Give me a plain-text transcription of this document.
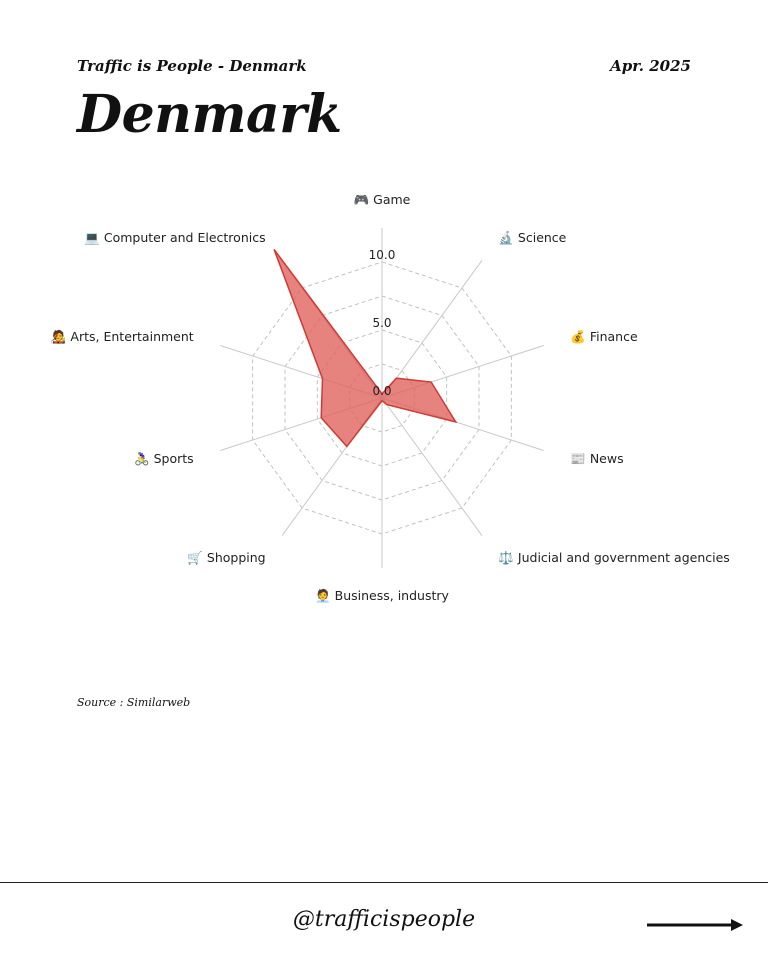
Traffic is People - Denmark	Apr. 2025
Denmark
0.0
5.0
10.0
🎮 Game
🔬 Science
💰 Finance
📰 News
⚖️ Judicial and government agencies
🧑‍💼 Business, industry
🛒 Shopping
🚴‍♀️ Sports
🧑‍🎤 Arts, Entertainment
💻 Computer and Electronics
Source : Similarweb
@trafficispeople
